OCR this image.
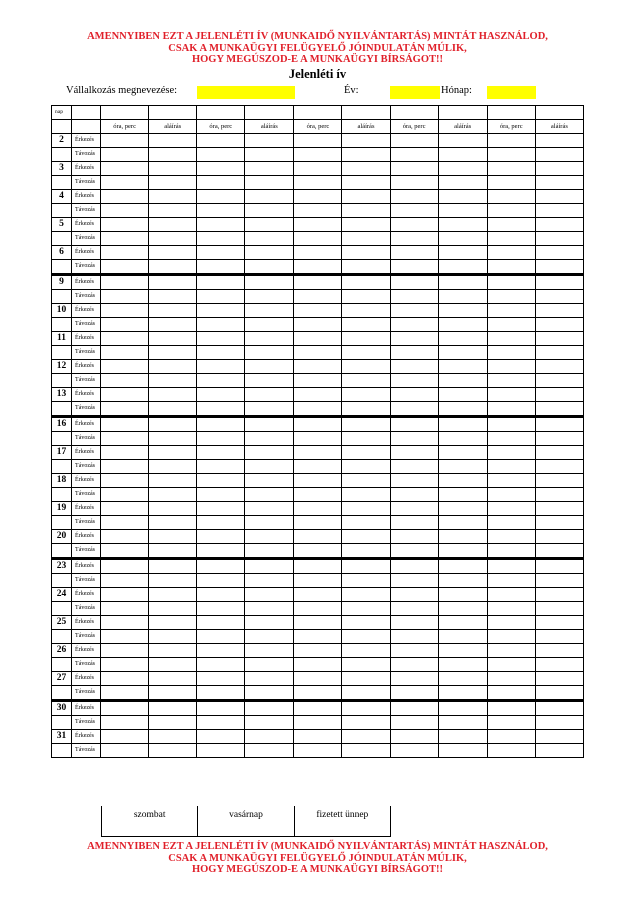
AMENNYIBEN EZT A JELENLÉTI ÍV (MUNKAIDŐ NYILVÁNTARTÁS) MINTÁT HASZNÁLOD,
CSAK A MUNKAÜGYI FELÜGYELŐ JÓINDULATÁN MÚLIK,
HOGY MEGÚSZOD-E A MUNKAÜGYI BÍRSÁGOT!!
Jelenléti ív
Vállalkozás megnevezése:	Év:	Hónap:
nap											
		óra, perc	aláírás	óra, perc	aláírás	óra, perc	aláírás	óra, perc	aláírás	óra, perc	aláírás
2	Érkezés										
	Távozás										
3	Érkezés										
	Távozás										
4	Érkezés										
	Távozás										
5	Érkezés										
	Távozás										
6	Érkezés										
	Távozás										
9	Érkezés										
	Távozás										
10	Érkezés										
	Távozás										
11	Érkezés										
	Távozás										
12	Érkezés										
	Távozás										
13	Érkezés										
	Távozás										
16	Érkezés										
	Távozás										
17	Érkezés										
	Távozás										
18	Érkezés										
	Távozás										
19	Érkezés										
	Távozás										
20	Érkezés										
	Távozás										
23	Érkezés										
	Távozás										
24	Érkezés										
	Távozás										
25	Érkezés										
	Távozás										
26	Érkezés										
	Távozás										
27	Érkezés										
	Távozás										
30	Érkezés										
	Távozás										
31	Érkezés										
	Távozás										
szombat	vasárnap	fizetett ünnep
AMENNYIBEN EZT A JELENLÉTI ÍV (MUNKAIDŐ NYILVÁNTARTÁS) MINTÁT HASZNÁLOD,
CSAK A MUNKAÜGYI FELÜGYELŐ JÓINDULATÁN MÚLIK,
HOGY MEGÚSZOD-E A MUNKAÜGYI BÍRSÁGOT!!
